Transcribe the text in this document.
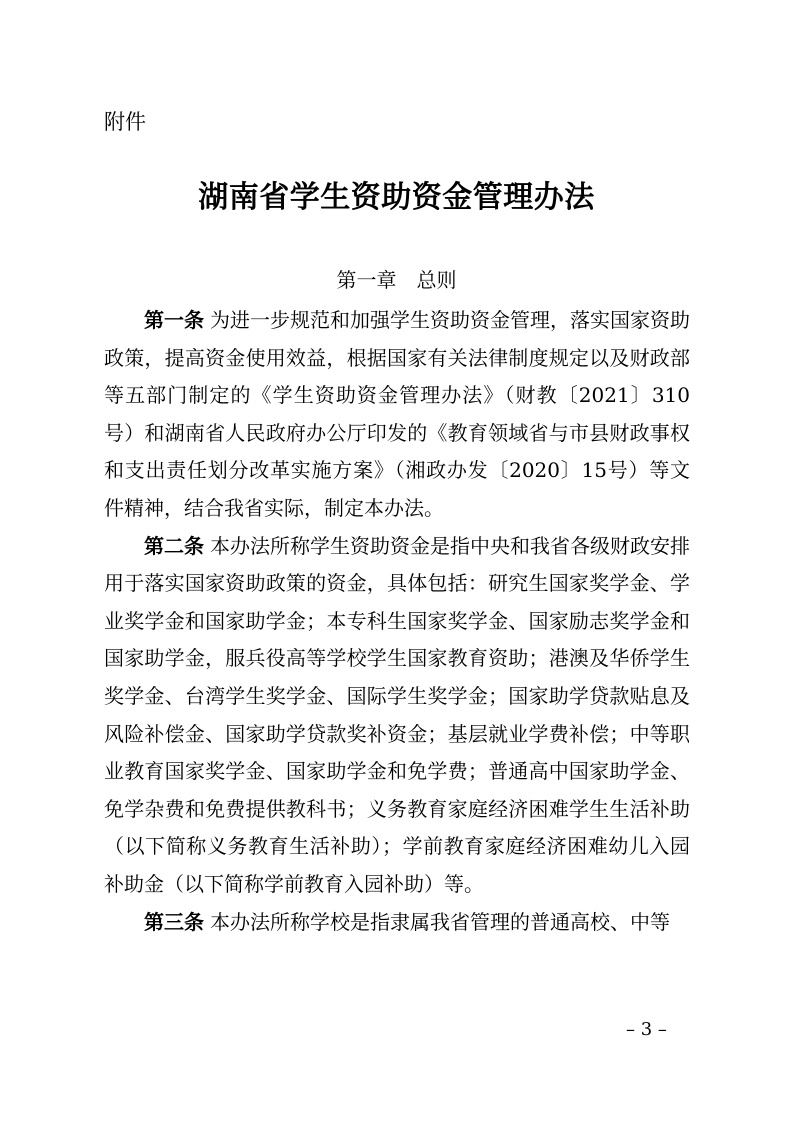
附件
湖南省学生资助资金管理办法
第一章　总则

第一条 为进一步规范和加强学生资助资金管理，落实国家资助政策，提高资金使用效益，根据国家有关法律制度规定以及财政部等五部门制定的《学生资助资金管理办法》（财教〔2021〕310号）和湖南省人民政府办公厅印发的《教育领域省与市县财政事权和支出责任划分改革实施方案》（湘政办发〔2020〕15号）等文件精神，结合我省实际，制定本办法。

第二条 本办法所称学生资助资金是指中央和我省各级财政安排用于落实国家资助政策的资金，具体包括：研究生国家奖学金、学业奖学金和国家助学金；本专科生国家奖学金、国家励志奖学金和国家助学金，服兵役高等学校学生国家教育资助；港澳及华侨学生奖学金、台湾学生奖学金、国际学生奖学金；国家助学贷款贴息及风险补偿金、国家助学贷款奖补资金；基层就业学费补偿；中等职业教育国家奖学金、国家助学金和免学费；普通高中国家助学金、免学杂费和免费提供教科书；义务教育家庭经济困难学生生活补助（以下简称义务教育生活补助）；学前教育家庭经济困难幼儿入园补助金（以下简称学前教育入园补助）等。

第三条 本办法所称学校是指隶属我省管理的普通高校、中等

– 3 –
